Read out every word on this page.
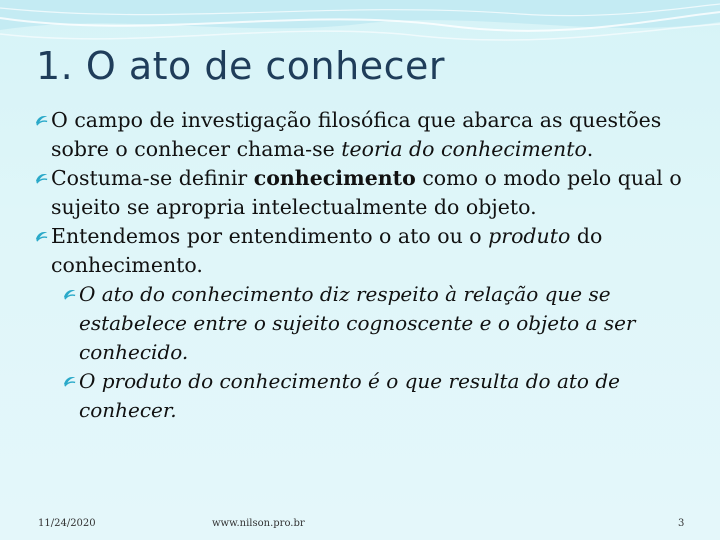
1. O ato de conhecer

O campo de investigação filosófica que abarca as questões sobre o conhecer chama-se teoria do conhecimento.

Costuma-se definir conhecimento como o modo pelo qual o sujeito se apropria intelectualmente do objeto.

Entendemos por entendimento o ato ou o produto do conhecimento.

O ato do conhecimento diz respeito à relação que se estabelece entre o sujeito cognoscente e o objeto a ser conhecido.

O produto do conhecimento é o que resulta do ato de conhecer.

11/24/2020	www.nilson.pro.br	3
